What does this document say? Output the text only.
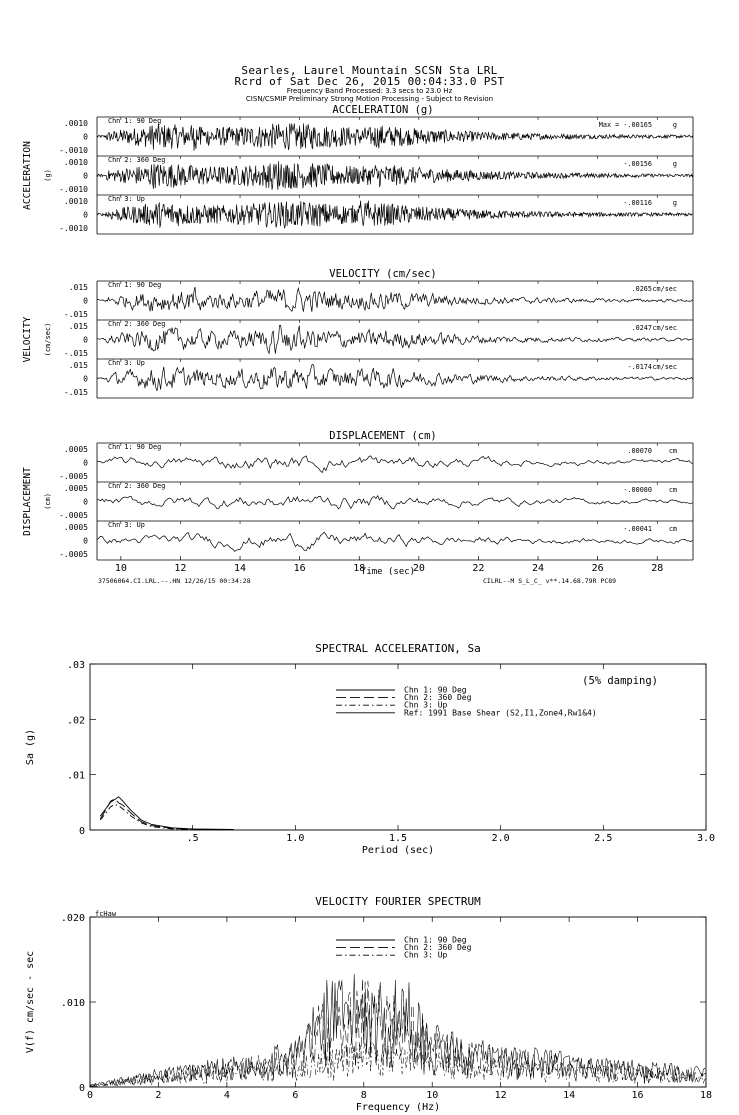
Searles, Laurel Mountain SCSN Sta LRL
Rcrd of Sat Dec 26, 2015 00:04:33.0 PST
Frequency Band Processed: 3.3 secs to 23.0 Hz
CISN/CSMIP Preliminary Strong Motion Processing - Subject to Revision
ACCELERATION (g)
ACCELERATION (g)
.0010
0
-.0010
Chn 1: 90 Deg	Max = -.00165	g
.0010
0
-.0010
Chn 2: 360 Deg	-.00156	g
.0010
0
-.0010
Chn 3: Up	-.00116	g
VELOCITY (cm/sec)
VELOCITY (cm/sec)
.015
0
-.015
Chn 1: 90 Deg	.0265 cm/sec
.015
0
-.015
Chn 2: 360 Deg	.0247 cm/sec
.015
0
-.015
Chn 3: Up	-.0174 cm/sec
DISPLACEMENT (cm)
DISPLACEMENT (cm)
.0005
0
-.0005
Chn 1: 90 Deg	.00070 cm
.0005
0
-.0005
Chn 2: 360 Deg	-.00080 cm
.0005
0
-.0005
Chn 3: Up	-.00041 cm
10	12	14	16	18	20	22	24	26	28
Time (sec)
37506064.CI.LRL.--.HN 12/26/15 00:34:28	CILRL--M S_L_C_ v**.14.68.79R PC89
SPECTRAL ACCELERATION, Sa
Period (sec)
Sa (g)
.5	1.0	1.5	2.0	2.5	3.0
0
.01
.02
.03
(5% damping)
Chn 1: 90 Deg
Chn 2: 360 Deg
Chn 3: Up
Ref: 1991 Base Shear (S2,I1,Zone4,Rw1&4)
VELOCITY FOURIER SPECTRUM
Frequency (Hz)
V(f) cm/sec - sec
0	2	4	6	8	10	12	14	16	18
0
.010
.020 fcHaw
Chn 1: 90 Deg
Chn 2: 360 Deg
Chn 3: Up
